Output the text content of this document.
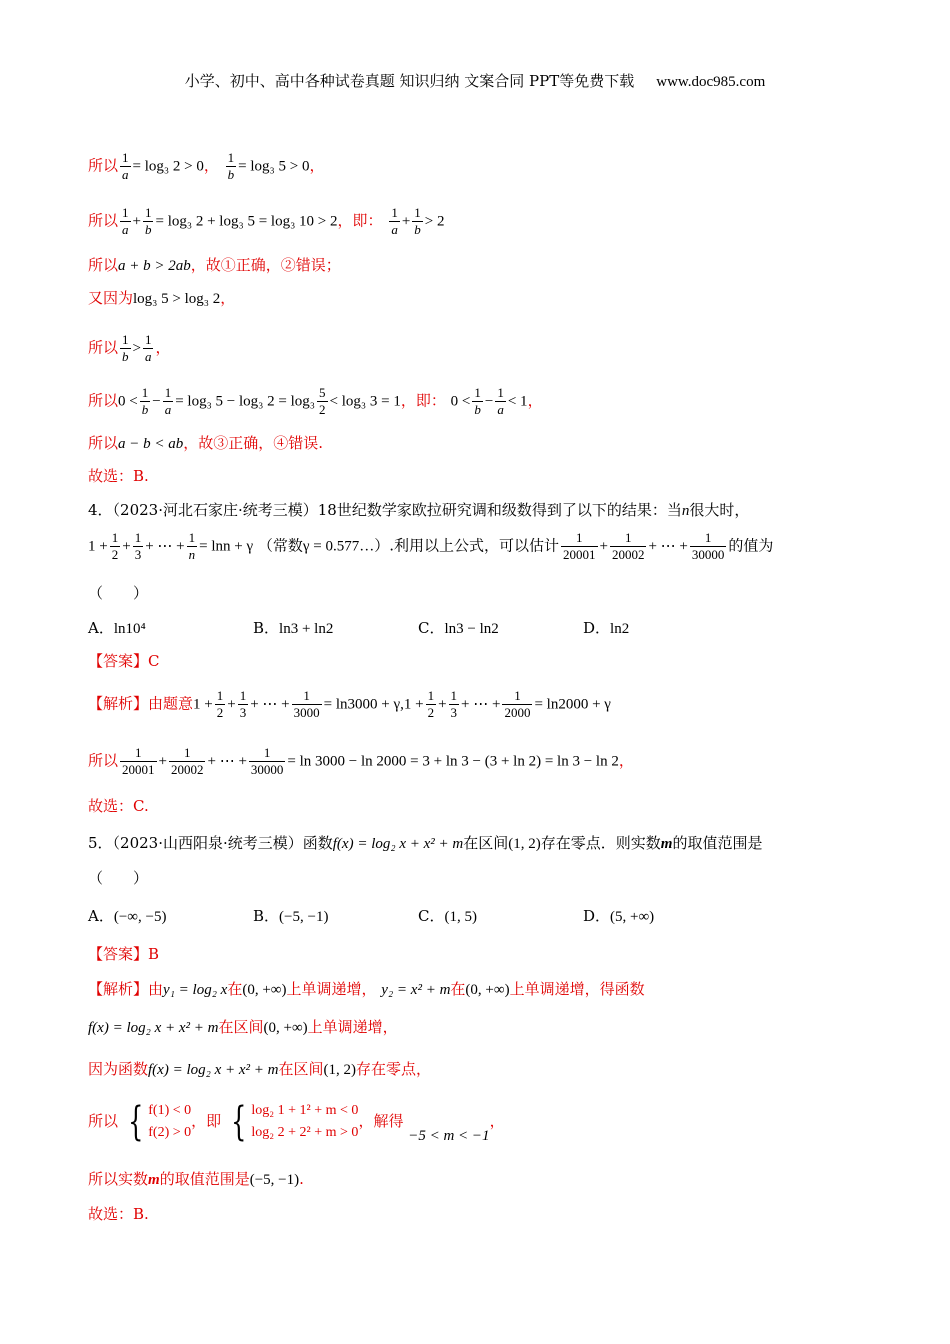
小学、初中、高中各种试卷真题 知识归纳 文案合同 PPT等免费下载 www.doc985.com
所以 $\frac{1}{a} = \log_3$ 2 > 0， $\frac{1}{b} = \log_3$ 5 > 0，
所以 $\frac{1}{a} + \frac{1}{b} = \log_3$ 2 + log₃ 5 = log₃ 10 > 2，即： $\frac{1}{a} + \frac{1}{b} > 2$
所以a + b > 2ab，故①正确，②错误；
又因为log₃ 5 > log₃ 2，
所以 $\frac{1}{b} > \frac{1}{a}$ ，
所以$0 < \frac{1}{b} - \frac{1}{a} = \log_3$ 5 − log₃ $2 = \log_3 \frac{5}{2} < \log_3$ 3 = 1，即： $0 < \frac{1}{b} - \frac{1}{a} < 1$，
所以a − b < ab，故③正确，④错误.
故选：B.
4．（2023·河北石家庄·统考三模）18世纪数学家欧拉研究调和级数得到了以下的结果：当n很大时，
$1 + \frac{1}{2} + \frac{1}{3}$ + ⋯ + $\frac{1}{n} = \ln n + \gamma$ （常数γ = 0.577…）.利用以上公式，可以估计 $\frac{1}{20001} + \frac{1}{20002}$ + ⋯ + $\frac{1}{30000}$ 的值为
（　　）
A．ln10⁴	B．ln3 + ln2	C．ln3 − ln2	D．ln2
【答案】C
【解析】由题意$1 + \frac{1}{2} + \frac{1}{3}$ + ⋯ + $\frac{1}{3000} = \ln 3000 + \gamma,1 + \frac{1}{2} + \frac{1}{3}$ + ⋯ + $\frac{1}{2000} = \ln 2000 + \gamma$
所以 $\frac{1}{20001} + \frac{1}{20002}$ + ⋯ + $\frac{1}{30000} = \ln 3000 - \ln 2000 = 3 + \ln 3 - (3 + \ln 2) = \ln 3 - \ln 2$，
故选：C.
5．（2023·山西阳泉·统考三模）函数f(x) = log₂ x + x² + m在区间(1, 2)存在零点．则实数m的取值范围是
（　　）
A．(−∞, −5)	B．(−5, −1)	C．(1, 5)	D．(5, +∞)
【答案】B
【解析】由y₁ = log₂ x在(0, +∞)上单调递增， y₂ = x² + m在(0, +∞)上单调递增，得函数
f(x) = log₂ x + x² + m在区间(0, +∞)上单调递增，
因为函数f(x) = log₂ x + x² + m在区间(1, 2)存在零点，
所以 { f(1) < 0
f(2) > 0
，即 { log₂ 1 + 1² + m < 0
log₂ 2 + 2² + m > 0
，解得 −5 < m < −1，
所以实数m的取值范围是(−5, −1).
故选：B.
